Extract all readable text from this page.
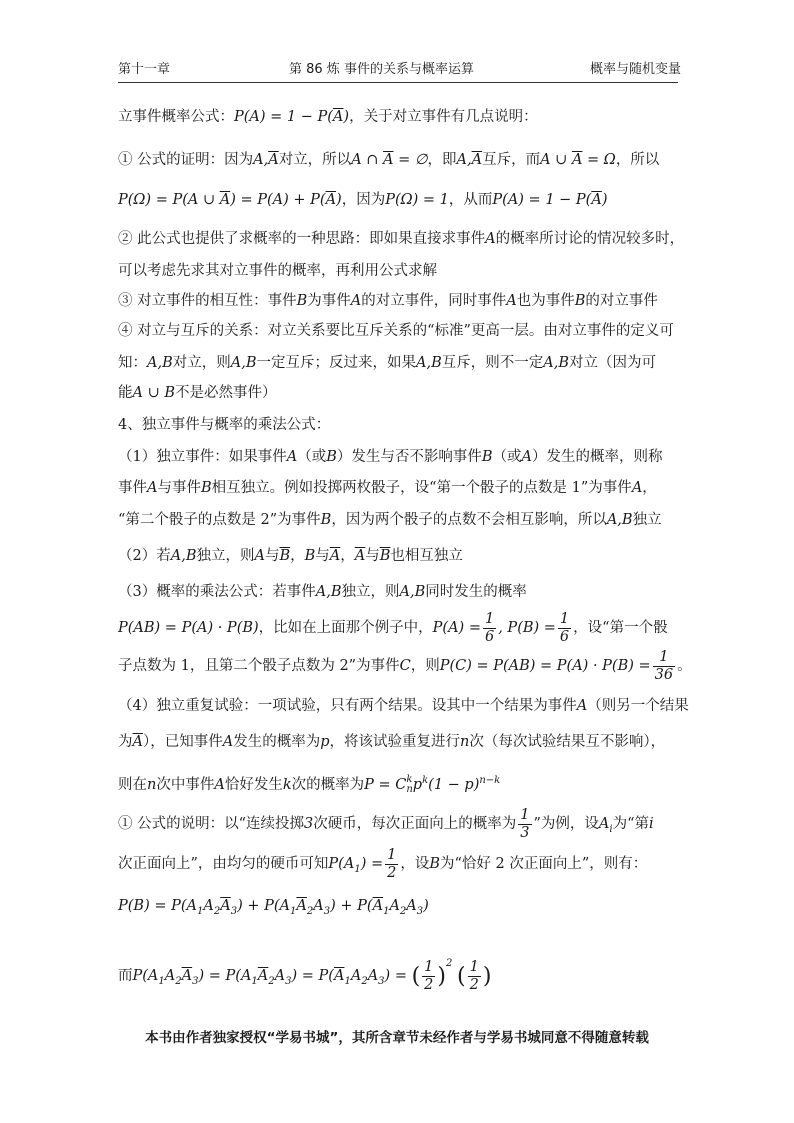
第十一章	第 86 炼 事件的关系与概率运算	概率与随机变量
立事件概率公式：$P(A) = 1 - P(\overline{A})$，关于对立事件有几点说明：
① 公式的证明：因为$A,\overline{A}$对立，所以A ∩ $\overline{A}$ = ∅，即$A,\overline{A}$互斥，而A ∪ $\overline{A} = \Omega$，所以
P(Ω) = P(A ∪ $\overline{A}) = P(A) + P(\overline{A})$，因为P(Ω) = 1，从而$P(A) = 1 - P(\overline{A})$
② 此公式也提供了求概率的一种思路：即如果直接求事件A的概率所讨论的情况较多时，
可以考虑先求其对立事件的概率，再利用公式求解
③ 对立事件的相互性：事件B为事件A的对立事件，同时事件A也为事件B的对立事件
④ 对立与互斥的关系：对立关系要比互斥关系的“标准”更高一层。由对立事件的定义可
知：A,B对立，则A,B一定互斥；反过来，如果A,B互斥，则不一定A,B对立（因为可
能A ∪ B不是必然事件）
4、独立事件与概率的乘法公式：
（1）独立事件：如果事件A（或B）发生与否不影响事件B（或A）发生的概率，则称
事件A与事件B相互独立。例如投掷两枚骰子，设“第一个骰子的点数是 1”为事件A，
“第二个骰子的点数是 2”为事件B，因为两个骰子的点数不会相互影响，所以A,B独立
（2）若A,B独立，则A与$\overline{B}$，B与$\overline{A}$，$\overline{A}$与$\overline{B}$也相互独立
（3）概率的乘法公式：若事件A,B独立，则A,B同时发生的概率
P(AB) = P(A) · P(B)，比如在上面那个例子中，$P(A) = \frac{1}{6}$ , $P(B) = \frac{1}{6}$ ，设“第一个骰
子点数为 1，且第二个骰子点数为 2”为事件C，则$P(C) = P(AB) = P(A) \cdot P(B) = \frac{1}{36}$ 。
（4）独立重复试验：一项试验，只有两个结果。设其中一个结果为事件A（则另一个结果
为$\overline{A}$），已知事件A发生的概率为p，将该试验重复进行n次（每次试验结果互不影响），
则在n次中事件A恰好发生k次的概率为P = C k
n $p^k(1 - p)^{n-k}$
① 公式的说明：以“连续投掷3次硬币，每次正面向上的概率为 $\frac{1}{3}$ ”为例，设$A_i$为“第i
次正面向上”，由均匀的硬币可知$P(A_1) = \frac{1}{2}$ ，设B为“恰好 2 次正面向上”，则有：
$P(B) = P(A_1A_2\overline{A}_3) + P(A_1\overline{A}_2A_3) + P(\overline{A}_1A_2A_3)$
而$P(A_1A_2\overline{A}_3) = P(A_1\overline{A}_2A_3) = P(\overline{A}_1A_2A_3)$ = ( $\frac{1}{2} )^2$ ( $\frac{1}{2}$ )
本书由作者独家授权“学易书城”，其所含章节未经作者与学易书城同意不得随意转载
